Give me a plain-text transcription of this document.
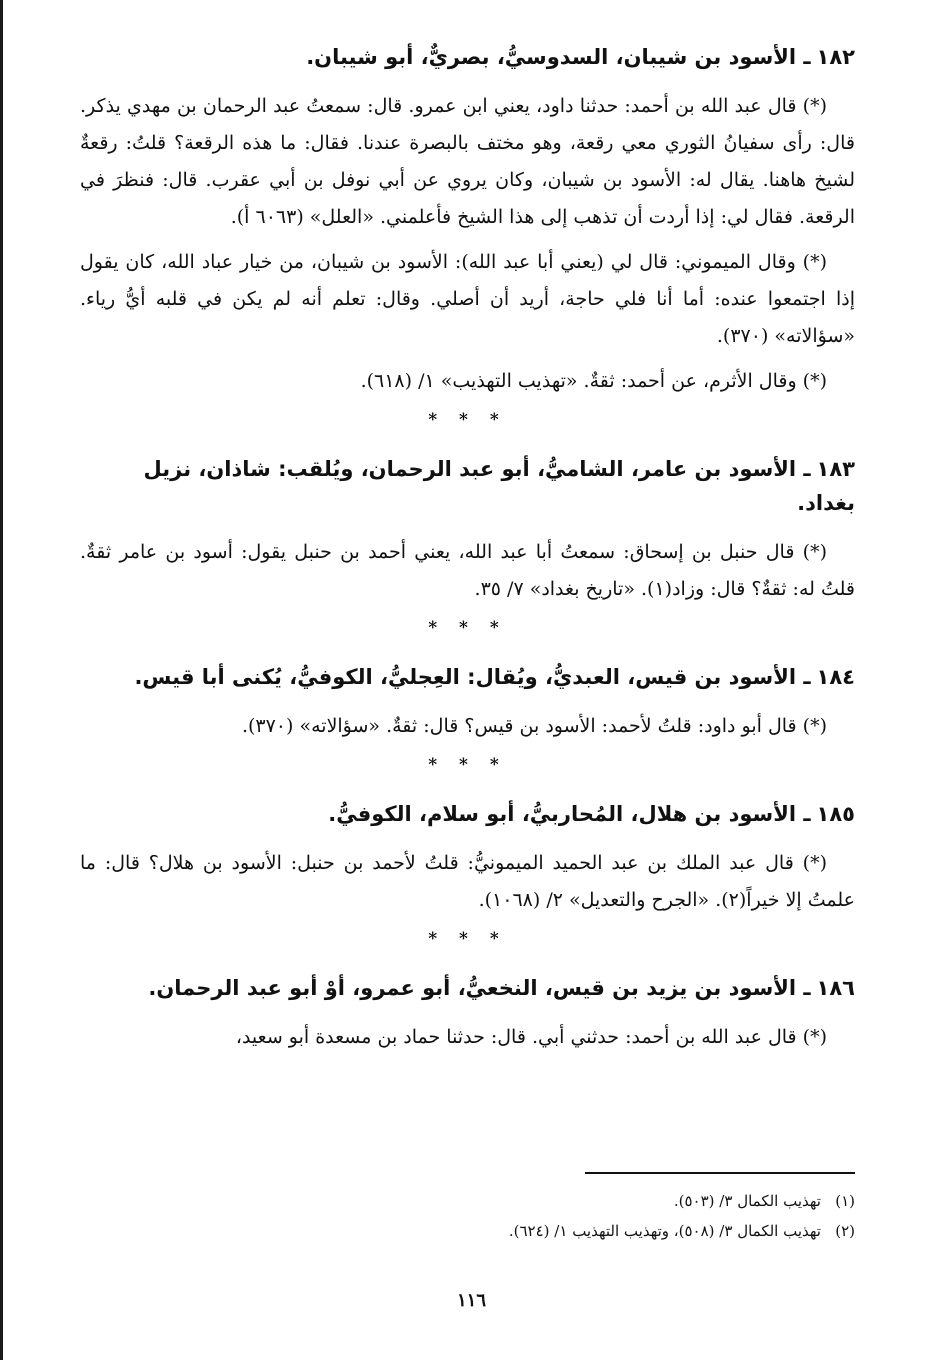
١٨٢ـ الأسود بن شيبان، السدوسيُّ، بصريٌّ، أبو شيبان.

(*) قال عبد الله بن أحمد: حدثنا داود، يعني ابن عمرو. قال: سمعتُ عبد الرحمان بن مهدي يذكر. قال: رأى سفيانُ الثوري معي رقعة، وهو مختف بالبصرة عندنا. فقال: ما هذه الرقعة؟ قلتُ: رقعةٌ لشيخ هاهنا. يقال له: الأسود بن شيبان، وكان يروي عن أبي نوفل بن أبي عقرب. قال: فنظرَ في الرقعة. فقال لي: إذا أردت أن تذهب إلى هذا الشيخ فأعلمني. «العلل» (٦٠٦٣ أ).

(*) وقال الميموني: قال لي (يعني أبا عبد الله): الأسود بن شيبان، من خيار عباد الله، كان يقول إذا اجتمعوا عنده: أما أنا فلي حاجة، أريد أن أصلي. وقال: تعلم أنه لم يكن في قلبه أيُّ رياء. «سؤالاته» (٣٧٠).

(*) وقال الأثرم، عن أحمد: ثقةٌ. «تهذيب التهذيب» ١/ (٦١٨).

* * *
١٨٣ـ الأسود بن عامر، الشاميُّ، أبو عبد الرحمان، ويُلقب: شاذان، نزيل بغداد.

(*) قال حنبل بن إسحاق: سمعتُ أبا عبد الله، يعني أحمد بن حنبل يقول: أسود بن عامر ثقةٌ. قلتُ له: ثقةٌ؟ قال: وزاد(١). «تاريخ بغداد» ٧/ ٣٥.

* * *
١٨٤ـ الأسود بن قيس، العبديُّ، ويُقال: العِجليُّ، الكوفيُّ، يُكنى أبا قيس.

(*) قال أبو داود: قلتُ لأحمد: الأسود بن قيس؟ قال: ثقةٌ. «سؤالاته» (٣٧٠).

* * *
١٨٥ـ الأسود بن هلال، المُحاربيُّ، أبو سلام، الكوفيُّ.

(*) قال عبد الملك بن عبد الحميد الميمونيُّ: قلتُ لأحمد بن حنبل: الأسود بن هلال؟ قال: ما علمتُ إلا خيراً(٢). «الجرح والتعديل» ٢/ (١٠٦٨).

* * *
١٨٦ـ الأسود بن يزيد بن قيس، النخعيُّ، أبو عمرو، أوْ أبو عبد الرحمان.

(*) قال عبد الله بن أحمد: حدثني أبي. قال: حدثنا حماد بن مسعدة أبو سعيد،

(١)تهذيب الكمال ٣/ (٥٠٣).
(٢)تهذيب الكمال ٣/ (٥٠٨)، وتهذيب التهذيب ١/ (٦٢٤).
١١٦
